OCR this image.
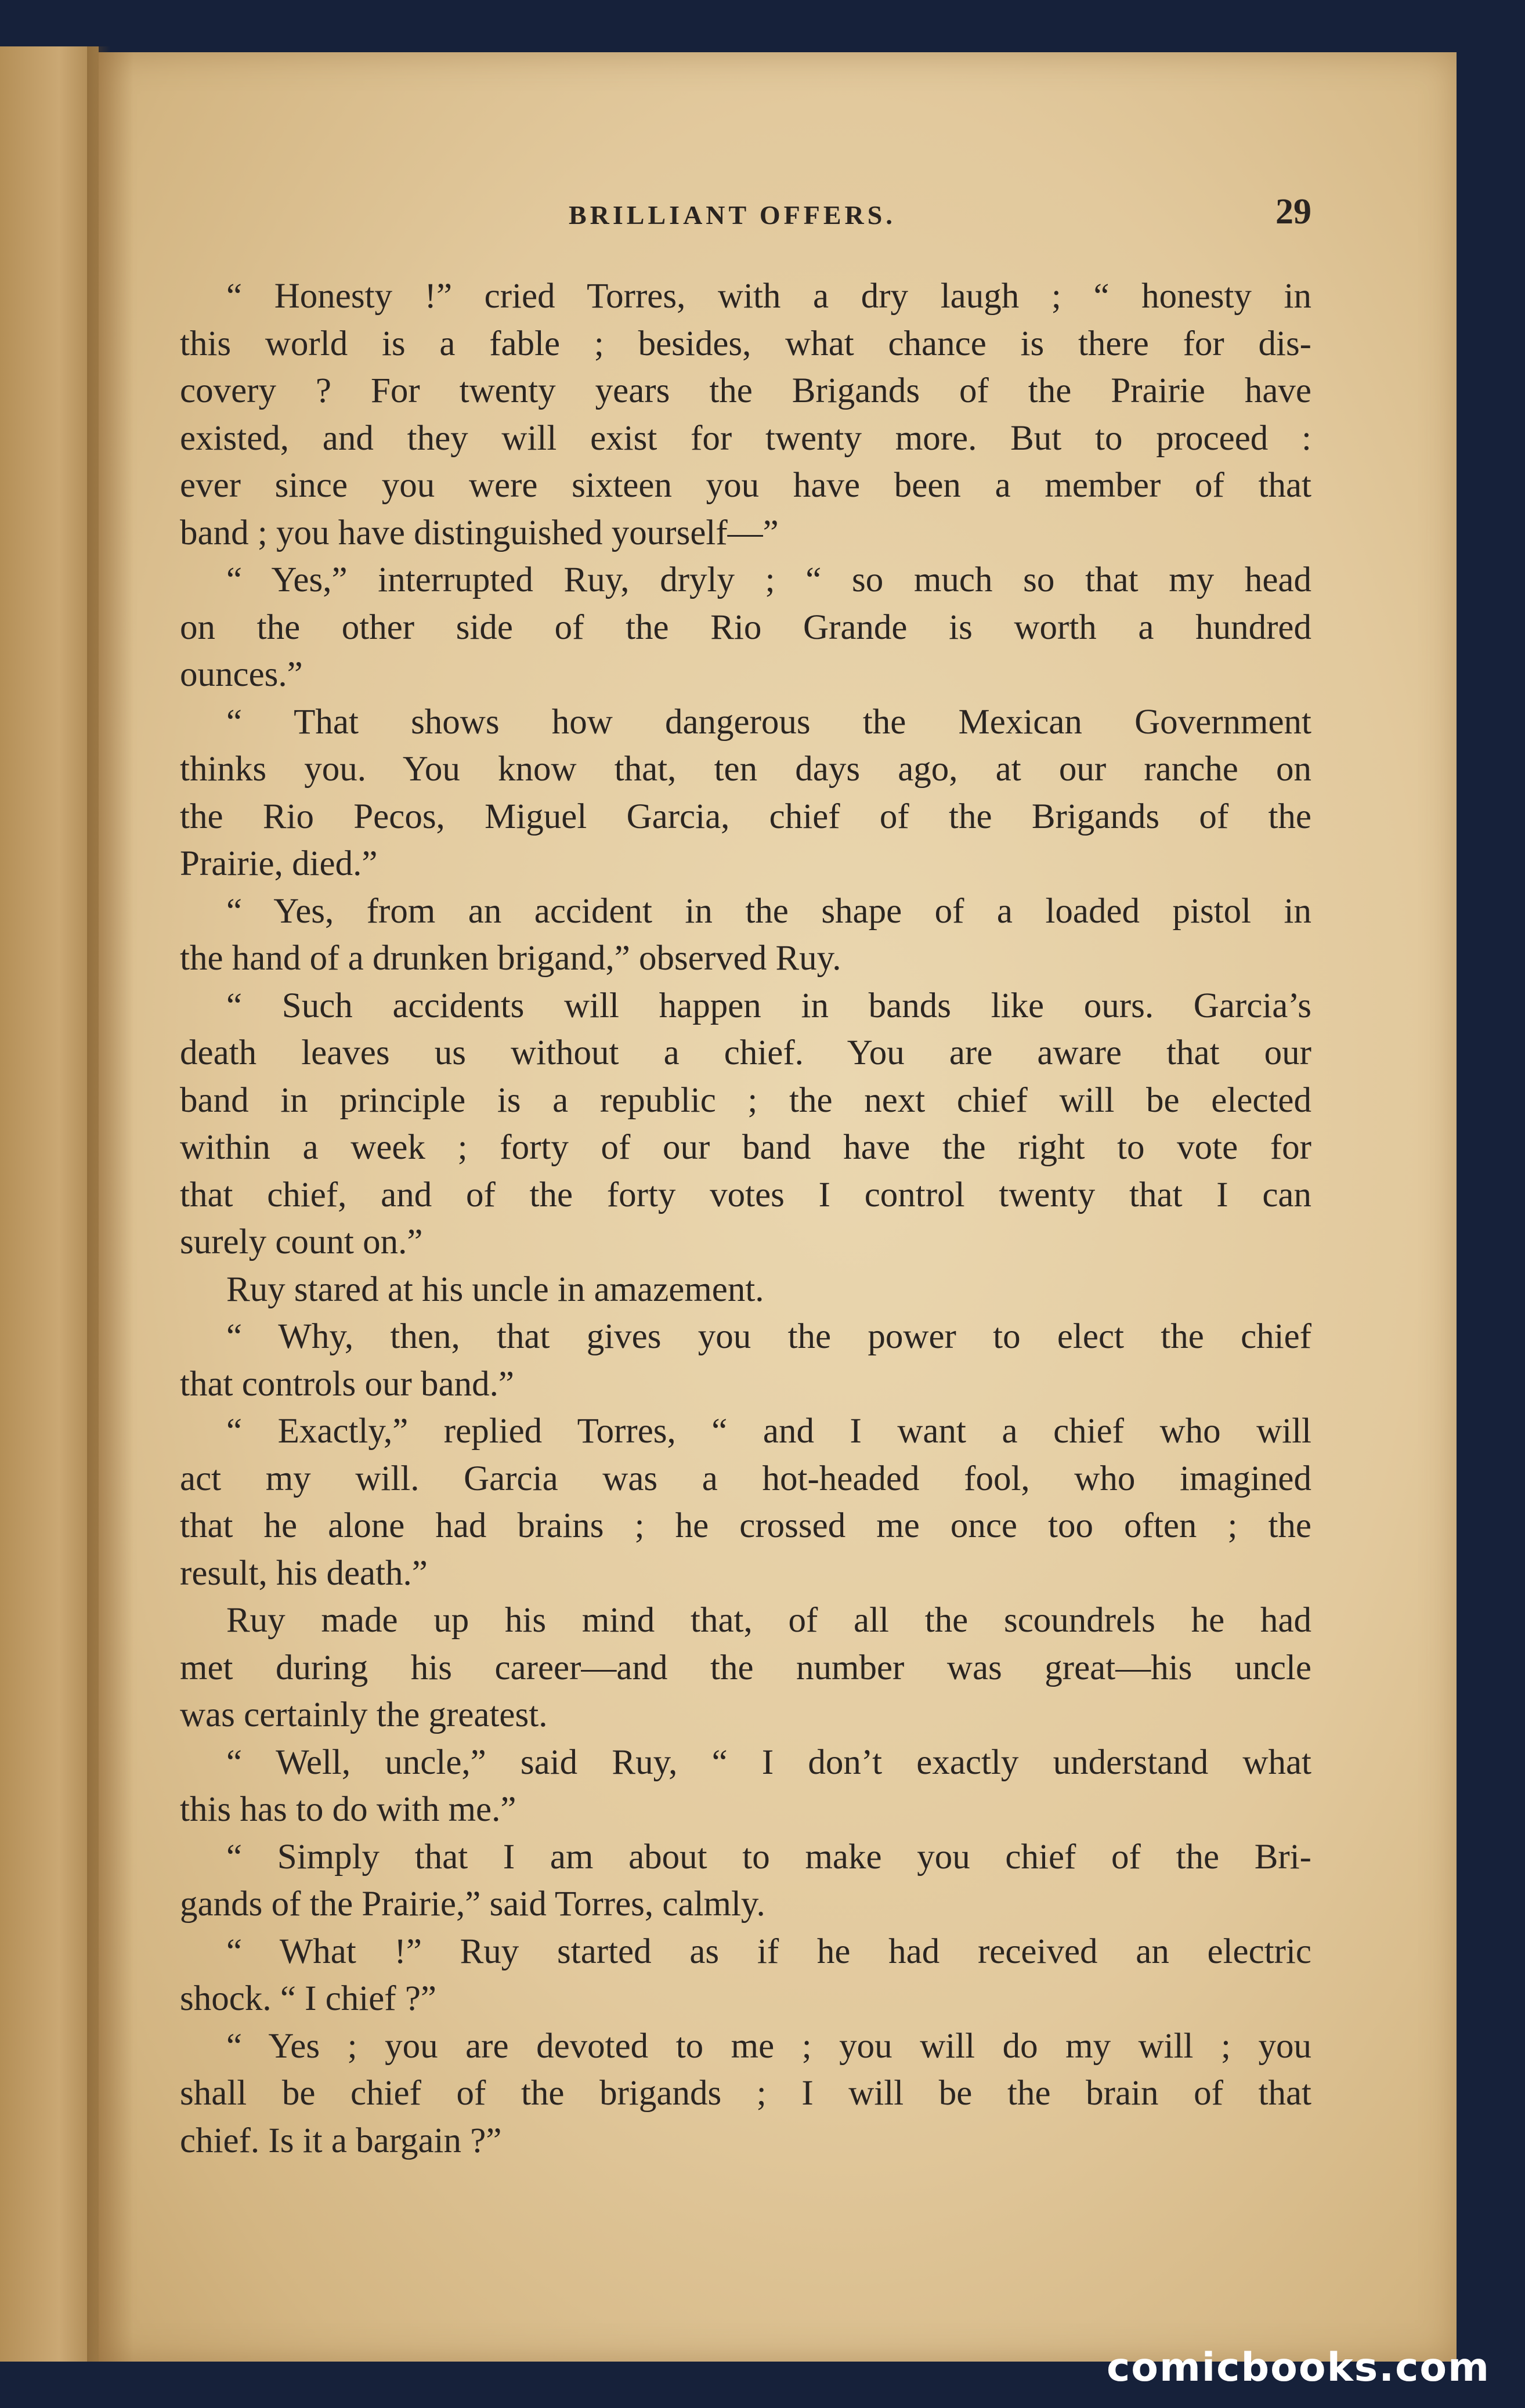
BRILLIANT OFFERS.	29
“ Honesty !” cried Torres, with a dry laugh ; “ honesty in
this world is a fable ; besides, what chance is there for dis-
covery ? For twenty years the Brigands of the Prairie have
existed, and they will exist for twenty more. But to proceed :
ever since you were sixteen you have been a member of that
band ; you have distinguished yourself—”
“ Yes,” interrupted Ruy, dryly ; “ so much so that my head
on the other side of the Rio Grande is worth a hundred
ounces.”
“ That shows how dangerous the Mexican Government
thinks you. You know that, ten days ago, at our ranche on
the Rio Pecos, Miguel Garcia, chief of the Brigands of the
Prairie, died.”
“ Yes, from an accident in the shape of a loaded pistol in
the hand of a drunken brigand,” observed Ruy.
“ Such accidents will happen in bands like ours. Garcia’s
death leaves us without a chief. You are aware that our
band in principle is a republic ; the next chief will be elected
within a week ; forty of our band have the right to vote for
that chief, and of the forty votes I control twenty that I can
surely count on.”
Ruy stared at his uncle in amazement.
“ Why, then, that gives you the power to elect the chief
that controls our band.”
“ Exactly,” replied Torres, “ and I want a chief who will
act my will. Garcia was a hot-headed fool, who imagined
that he alone had brains ; he crossed me once too often ; the
result, his death.”
Ruy made up his mind that, of all the scoundrels he had
met during his career—and the number was great—his uncle
was certainly the greatest.
“ Well, uncle,” said Ruy, “ I don’t exactly understand what
this has to do with me.”
“ Simply that I am about to make you chief of the Bri-
gands of the Prairie,” said Torres, calmly.
“ What !” Ruy started as if he had received an electric
shock. “ I chief ?”
“ Yes ; you are devoted to me ; you will do my will ; you
shall be chief of the brigands ; I will be the brain of that
chief. Is it a bargain ?”
comicbooks.com
